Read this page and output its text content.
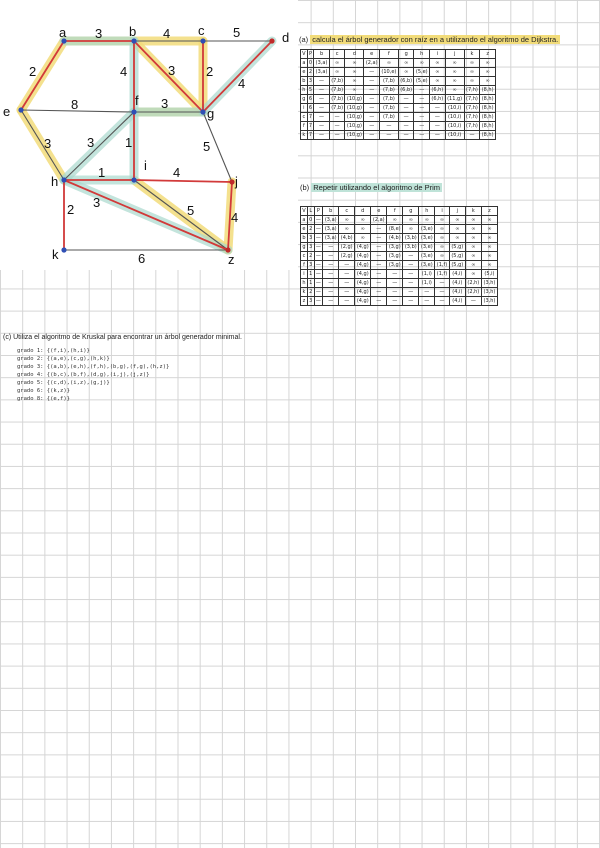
a	b	c	d
e
f
g
h
i
j
k	z
3	4	5
2	4	3 2
4
8	3
3	3 1	5
1	4
2 3
5	4
6
(a) calcula el árbol generador con raíz en a utilizando el algoritmo de Dijkstra.
V	P	b	c	d	e	f	g	h	i	j	k	z
a	0	(3,a)	∞	∞	(2,a)	∞	∞	∞	∞	∞	∞	∞
e	2	(3,a)	∞	∞	—	(10,e)	∞	(5,e)	∞	∞	∞	∞
b	3	—	(7,b)	∞	—	(7,b)	(6,b)	(5,e)	∞	∞	∞	∞
h	5	—	(7,b)	∞	—	(7,b)	(6,b)	—	(6,h)	∞	(7,h)	(8,h)
g	6	—	(7,b)	(10,g)	—	(7,b)	—	—	(6,h)	(11,g)	(7,h)	(8,h)
i	6	—	(7,b)	(10,g)	—	(7,b)	—	—	—	(10,i)	(7,h)	(8,h)
c	7	—	—	(10,g)	—	(7,b)	—	—	—	(10,i)	(7,h)	(8,h)
f	7	—	—	(10,g)	—	—	—	—	—	(10,i)	(7,h)	(8,h)
k	7	—	—	(10,g)	—	—	—	—	—	(10,i)	—	(8,h)
(b) Repetir utilizando el algoritmo de Prim
V	L	P	b	c	d	e	f	g	h	i	j	k	z
a	0	—	(3,a)	∞	∞	(2,a)	∞	∞	∞	∞	∞	∞	∞
e	2	—	(3,a)	∞	∞	—	(8,e)	∞	(3,e)	∞	∞	∞	∞
b	3	—	(3,a)	(4,b)	∞	—	(4,b)	(3,b)	(3,e)	∞	∞	∞	∞
g	3	—	—	(2,g)	(4,g)	—	(3,g)	(3,b)	(3,e)	∞	(5,g)	∞	∞
c	2	—	—	(2,g)	(4,g)	—	(3,g)	—	(3,e)	∞	(5,g)	∞	∞
f	3	—	—	—	(4,g)	—	(3,g)	—	(3,e)	(1,f)	(5,g)	∞	∞
i	1	—	—	—	(4,g)	—	—	—	(1,i)	(1,f)	(4,i)	∞	(5,i)
h	1	—	—	—	(4,g)	—	—	—	(1,i)	—	(4,i)	(2,h)	(3,h)
k	2	—	—	—	(4,g)	—	—	—	—	—	(4,i)	(2,h)	(3,h)
z	3	—	—	—	(4,g)	—	—	—	—	—	(4,i)	—	(3,h)
(c) Utiliza el algoritmo de Kruskal para encontrar un árbol generador minimal.
grado 1: {(f,i),(h,i)}
grado 2: {(a,e),(c,g),(h,k)}
grado 3: {(a,b),(e,h),(f,h),(b,g),(f,g),(h,z)}
grado 4: {(b,c),(b,f),(d,g),(i,j),(j,z)}
grado 5: {(c,d),(i,z),(g,j)}
grado 6: {(k,z)}
grado 8: {(e,f)}
